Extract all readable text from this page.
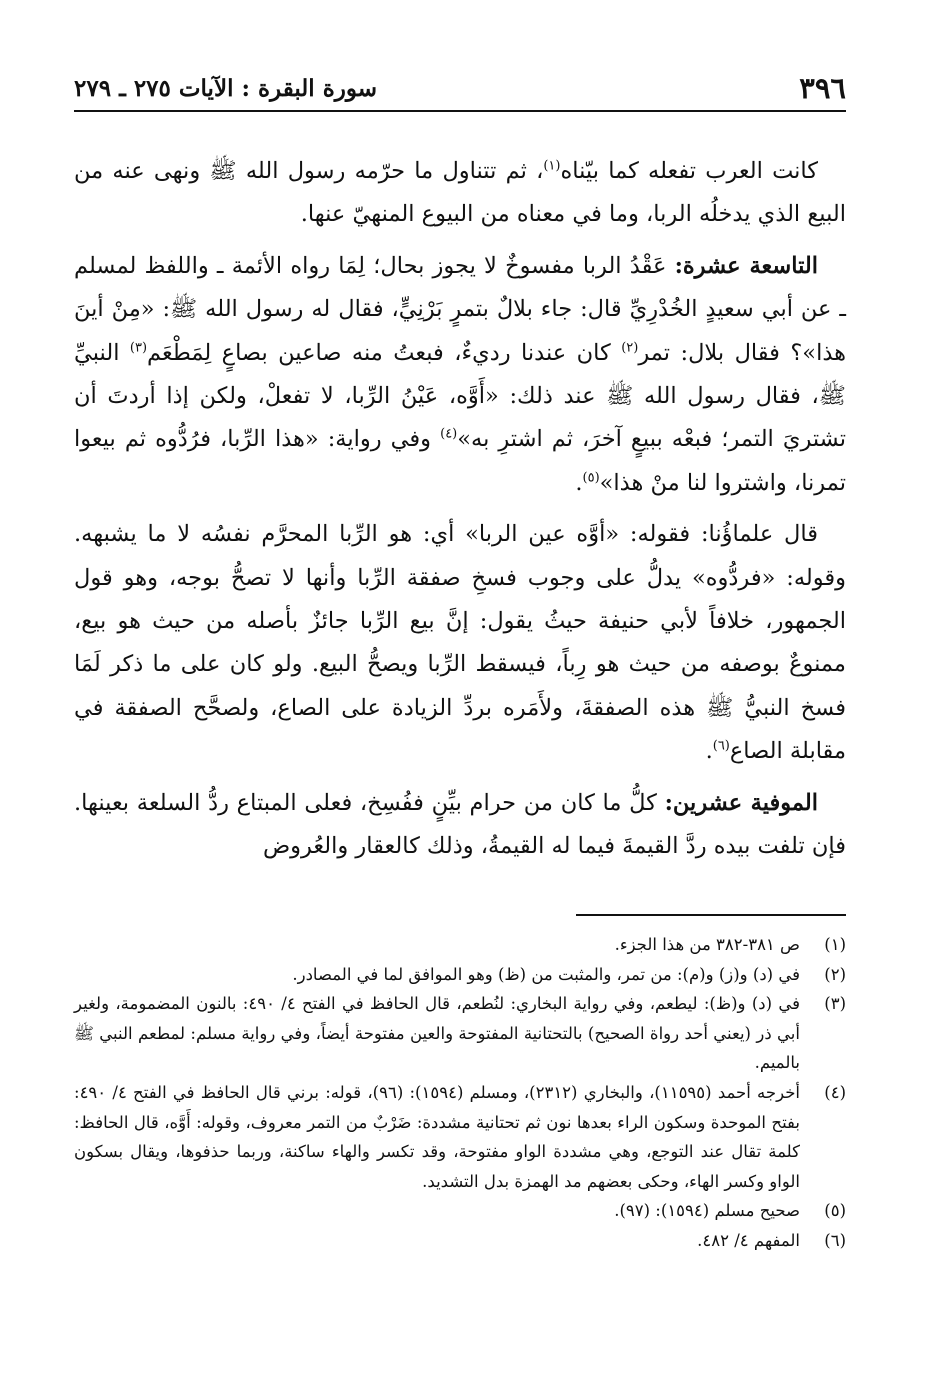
٣٩٦
سورة البقرة : الآيات ٢٧٥ ـ ٢٧٩

كانت العرب تفعله كما بيّناه$^{(١)}$، ثم تتناول ما حرّمه رسول الله ﷺ ونهى عنه من البيع الذي يدخلُه الربا، وما في معناه من البيوع المنهيّ عنها.

التاسعة عشرة: عَقْدُ الربا مفسوخٌ لا يجوز بحال؛ لِمَا رواه الأئمة ـ واللفظ لمسلم ـ عن أبي سعيدٍ الخُدْرِيِّ قال: جاء بلالٌ بتمرٍ بَرْنِيٍّ، فقال له رسول الله ﷺ: «مِنْ أينَ هذا»؟ فقال بلال: تمر$^{(٢)}$ كان عندنا رديءٌ، فبعتُ منه صاعين بصاعٍ لِمَطْعَم$^{(٣)}$ النبيِّ ﷺ، فقال رسول الله ﷺ عند ذلك: «أَوَّه، عَيْنُ الرِّبا، لا تفعلْ، ولكن إذا أردتَ أن تشتريَ التمر؛ فبعْه ببيعٍ آخرَ، ثم اشترِ به»$^{(٤)}$ وفي رواية: «هذا الرِّبا، فرُدُّوه ثم بيعوا تمرنا، واشتروا لنا منْ هذا»$^{(٥)}$.

قال علماؤُنا: فقوله: «أوَّه عين الربا» أي: هو الرِّبا المحرَّم نفسُه لا ما يشبهه. وقوله: «فردُّوه» يدلُّ على وجوب فسخِ صفقة الرِّبا وأنها لا تصحُّ بوجه، وهو قول الجمهور، خلافاً لأبي حنيفة حيثُ يقول: إنَّ بيع الرِّبا جائزٌ بأصله من حيث هو بيع، ممنوعٌ بوصفه من حيث هو رِباً، فيسقط الرِّبا ويصحُّ البيع. ولو كان على ما ذكر لَمَا فسخ النبيُّ ﷺ هذه الصفقةَ، ولأَمَره بردِّ الزيادة على الصاع، ولصحَّح الصفقة في مقابلة الصاع$^{(٦)}$.

الموفية عشرين: كلُّ ما كان من حرام بيِّنٍ ففُسِخ، فعلى المبتاع ردُّ السلعة بعينها. فإن تلفت بيده ردَّ القيمةَ فيما له القيمةُ، وذلك كالعقار والعُروض

(١)
ص ٣٨١-٣٨٢ من هذا الجزء.
(٢)
في (د) و(ز) و(م): من تمر، والمثبت من (ظ) وهو الموافق لما في المصادر.
(٣)
في (د) و(ظ): ليطعم، وفي رواية البخاري: لنُطعم، قال الحافظ في الفتح ٤/ ٤٩٠: بالنون المضمومة، ولغير أبي ذر (يعني أحد رواة الصحيح) بالتحتانية المفتوحة والعين مفتوحة أيضاً، وفي رواية مسلم: لمطعم النبي ﷺ بالميم.
(٤)
أخرجه أحمد (١١٥٩٥)، والبخاري (٢٣١٢)، ومسلم (١٥٩٤): (٩٦)، قوله: برني قال الحافظ في الفتح ٤/ ٤٩٠: بفتح الموحدة وسكون الراء بعدها نون ثم تحتانية مشددة: ضَرْبٌ من التمر معروف، وقوله: أَوَّه، قال الحافظ: كلمة تقال عند التوجع، وهي مشددة الواو مفتوحة، وقد تكسر والهاء ساكنة، وربما حذفوها، ويقال بسكون الواو وكسر الهاء، وحكى بعضهم مد الهمزة بدل التشديد.
(٥)
صحيح مسلم (١٥٩٤): (٩٧).
(٦)
المفهم ٤/ ٤٨٢.
